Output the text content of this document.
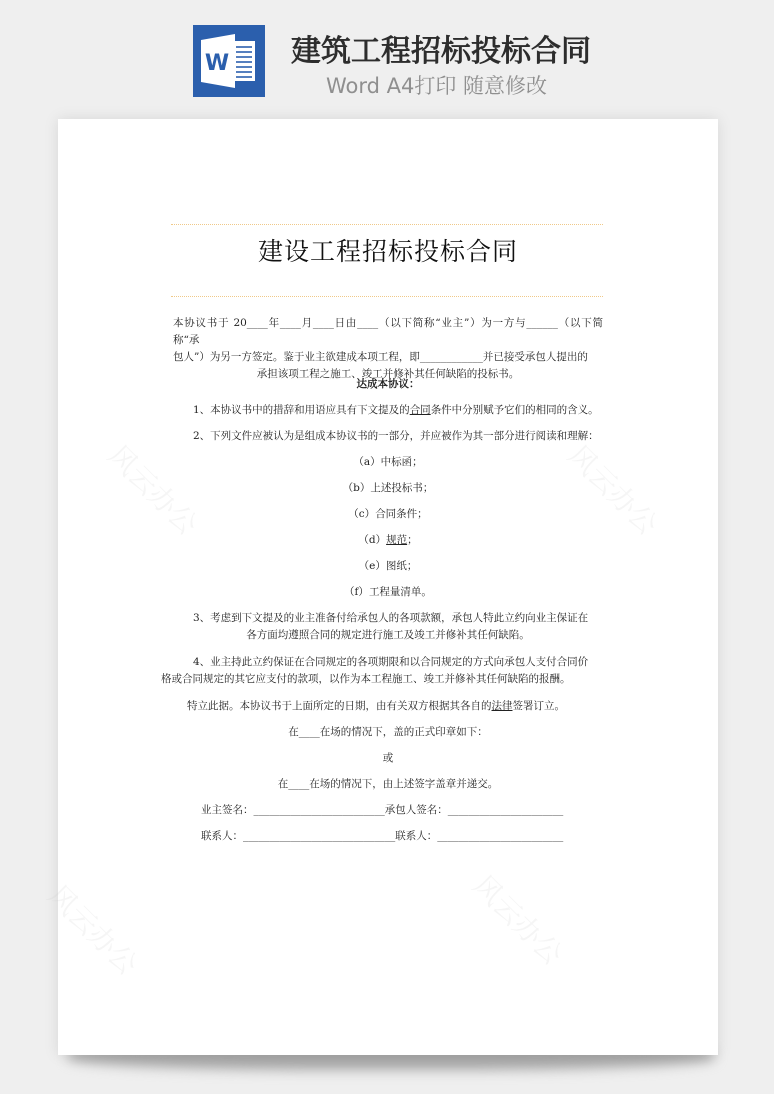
W 建筑工程招标投标合同
Word A4打印 随意修改
风云办公	风云办公
风云办公	风云办公
建设工程招标投标合同
本协议书于 20____年____月____日由____（以下简称“业主”）为一方与______（以下简称“承
包人”）为另一方签定。鉴于业主欲建成本项工程，即____________并已接受承包人提出的
承担该项工程之施工、竣工并修补其任何缺陷的投标书。
达成本协议：
1、本协议书中的措辞和用语应具有下文提及的合同条件中分别赋予它们的相同的含义。
2、下列文件应被认为是组成本协议书的一部分，并应被作为其一部分进行阅读和理解：
（a）中标函；
（b）上述投标书；
（c）合同条件；
（d）规范；
（e）图纸；
（f）工程量清单。
3、考虑到下文提及的业主准备付给承包人的各项款额，承包人特此立约向业主保证在
各方面均遵照合同的规定进行施工及竣工并修补其任何缺陷。
4、业主持此立约保证在合同规定的各项期限和以合同规定的方式向承包人支付合同价
格或合同规定的其它应支付的款项，以作为本工程施工、竣工并修补其任何缺陷的报酬。
特立此据。本协议书于上面所定的日期，由有关双方根据其各自的法律签署订立。
在____在场的情况下，盖的正式印章如下：
或
在____在场的情况下，由上述签字盖章并递交。
业主签名：_________________________承包人签名：______________________
联系人：_____________________________联系人：________________________
